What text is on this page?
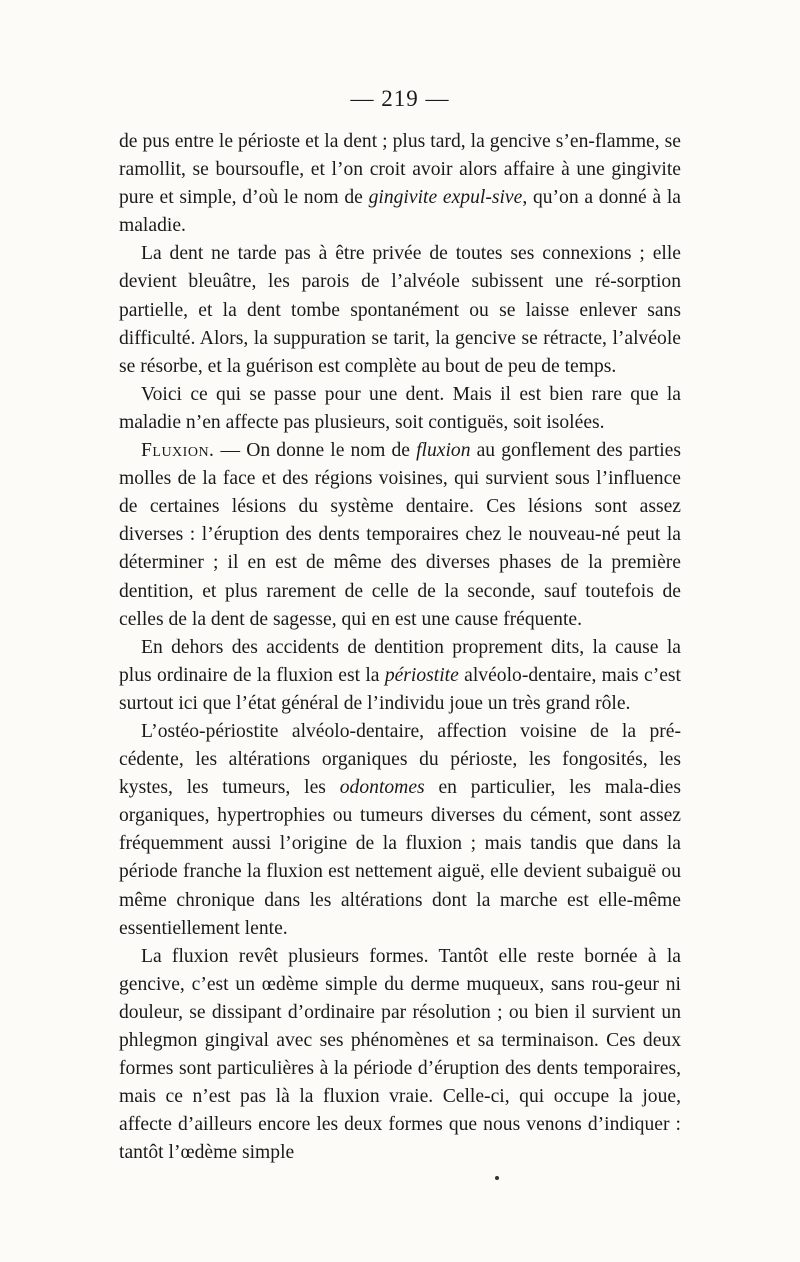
— 219 —

de pus entre le périoste et la dent ; plus tard, la gencive s’en-flamme, se ramollit, se boursoufle, et l’on croit avoir alors affaire à une gingivite pure et simple, d’où le nom de gingivite expul-sive, qu’on a donné à la maladie.

La dent ne tarde pas à être privée de toutes ses connexions ; elle devient bleuâtre, les parois de l’alvéole subissent une ré-sorption partielle, et la dent tombe spontanément ou se laisse enlever sans difficulté. Alors, la suppuration se tarit, la gencive se rétracte, l’alvéole se résorbe, et la guérison est complète au bout de peu de temps.

Voici ce qui se passe pour une dent. Mais il est bien rare que la maladie n’en affecte pas plusieurs, soit contiguës, soit isolées.

Fluxion. — On donne le nom de fluxion au gonflement des parties molles de la face et des régions voisines, qui survient sous l’influence de certaines lésions du système dentaire. Ces lésions sont assez diverses : l’éruption des dents temporaires chez le nouveau-né peut la déterminer ; il en est de même des diverses phases de la première dentition, et plus rarement de celle de la seconde, sauf toutefois de celles de la dent de sagesse, qui en est une cause fréquente.

En dehors des accidents de dentition proprement dits, la cause la plus ordinaire de la fluxion est la périostite alvéolo-dentaire, mais c’est surtout ici que l’état général de l’individu joue un très grand rôle.

L’ostéo-périostite alvéolo-dentaire, affection voisine de la pré-cédente, les altérations organiques du périoste, les fongosités, les kystes, les tumeurs, les odontomes en particulier, les mala-dies organiques, hypertrophies ou tumeurs diverses du cément, sont assez fréquemment aussi l’origine de la fluxion ; mais tandis que dans la période franche la fluxion est nettement aiguë, elle devient subaiguë ou même chronique dans les altérations dont la marche est elle-même essentiellement lente.

La fluxion revêt plusieurs formes. Tantôt elle reste bornée à la gencive, c’est un œdème simple du derme muqueux, sans rou-geur ni douleur, se dissipant d’ordinaire par résolution ; ou bien il survient un phlegmon gingival avec ses phénomènes et sa terminaison. Ces deux formes sont particulières à la période d’éruption des dents temporaires, mais ce n’est pas là la fluxion vraie. Celle-ci, qui occupe la joue, affecte d’ailleurs encore les deux formes que nous venons d’indiquer : tantôt l’œdème simple
